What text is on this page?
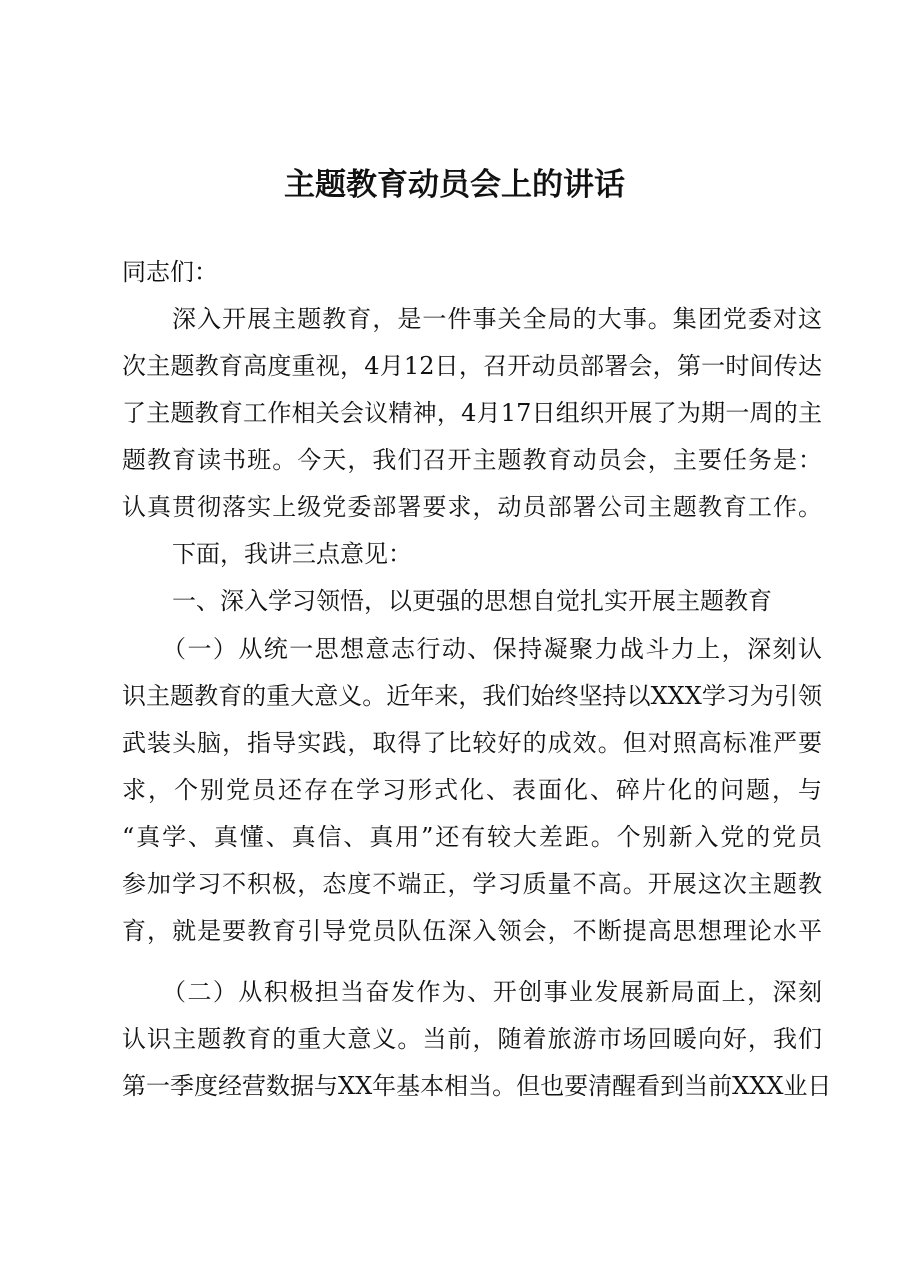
主题教育动员会上的讲话
同志们：
深入开展主题教育，是一件事关全局的大事。集团党委对这
次主题教育高度重视，4月12日，召开动员部署会，第一时间传达
了主题教育工作相关会议精神，4月17日组织开展了为期一周的主
题教育读书班。今天，我们召开主题教育动员会，主要任务是：
认真贯彻落实上级党委部署要求，动员部署公司主题教育工作。
下面，我讲三点意见：
一、深入学习领悟，以更强的思想自觉扎实开展主题教育
（一）从统一思想意志行动、保持凝聚力战斗力上，深刻认
识主题教育的重大意义。近年来，我们始终坚持以XXX学习为引领
武装头脑，指导实践，取得了比较好的成效。但对照高标准严要
求，个别党员还存在学习形式化、表面化、碎片化的问题，与
“真学、真懂、真信、真用”还有较大差距。个别新入党的党员
参加学习不积极，态度不端正，学习质量不高。开展这次主题教
育，就是要教育引导党员队伍深入领会，不断提高思想理论水平
（二）从积极担当奋发作为、开创事业发展新局面上，深刻
认识主题教育的重大意义。当前，随着旅游市场回暖向好，我们
第一季度经营数据与XX年基本相当。但也要清醒看到当前XXX业日
